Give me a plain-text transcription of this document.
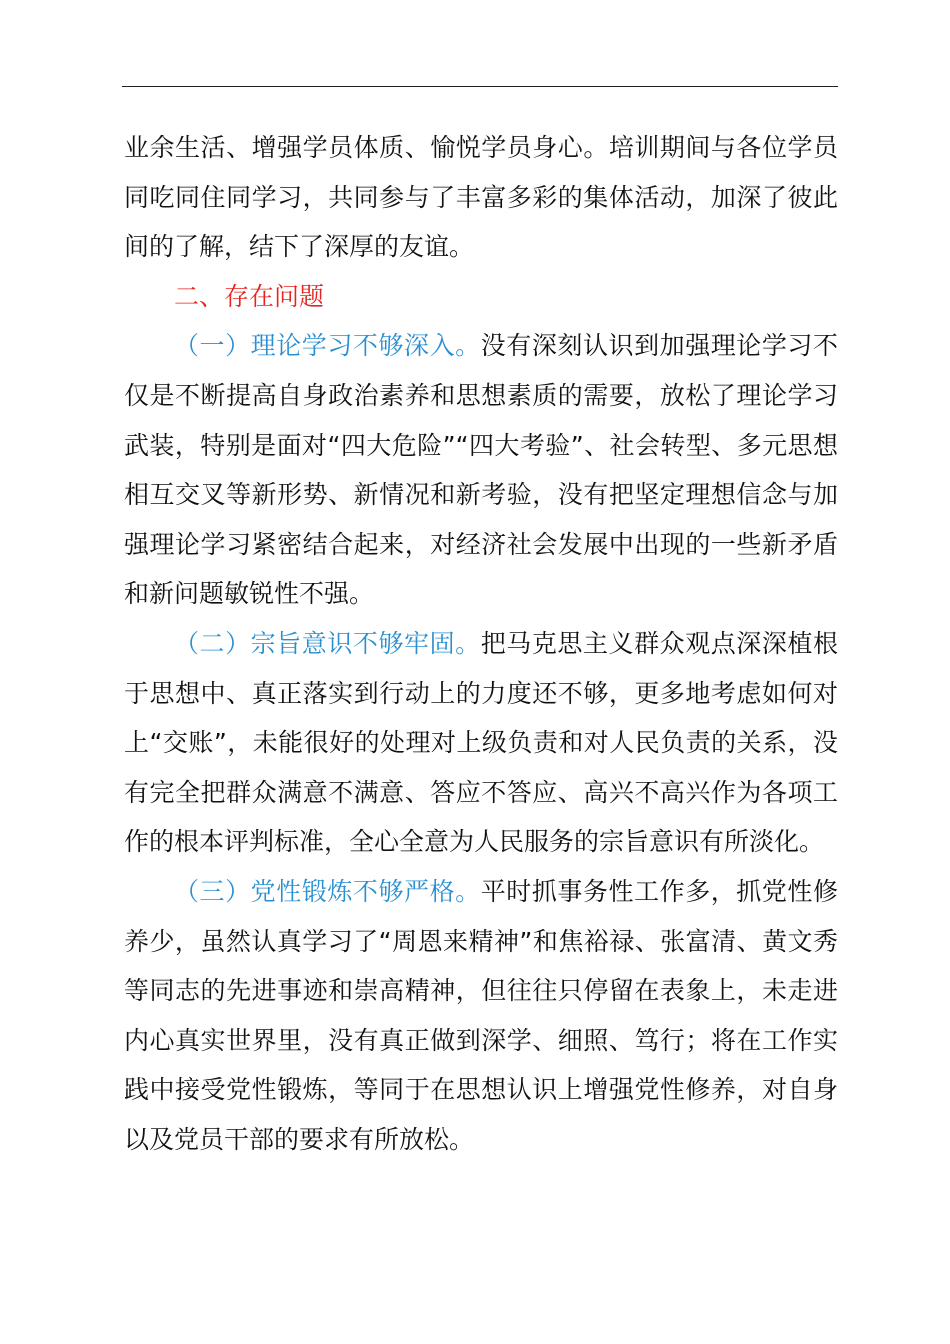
业余生活、增强学员体质、愉悦学员身心。培训期间与各位学员同吃同住同学习，共同参与了丰富多彩的集体活动，加深了彼此间的了解，结下了深厚的友谊。

二、存在问题

（一）理论学习不够深入。没有深刻认识到加强理论学习不仅是不断提高自身政治素养和思想素质的需要，放松了理论学习武装，特别是面对“四大危险”“四大考验”、社会转型、多元思想相互交叉等新形势、新情况和新考验，没有把坚定理想信念与加强理论学习紧密结合起来，对经济社会发展中出现的一些新矛盾和新问题敏锐性不强。

（二）宗旨意识不够牢固。把马克思主义群众观点深深植根于思想中、真正落实到行动上的力度还不够，更多地考虑如何对上“交账”，未能很好的处理对上级负责和对人民负责的关系，没有完全把群众满意不满意、答应不答应、高兴不高兴作为各项工作的根本评判标准，全心全意为人民服务的宗旨意识有所淡化。

（三）党性锻炼不够严格。平时抓事务性工作多，抓党性修养少，虽然认真学习了“周恩来精神”和焦裕禄、张富清、黄文秀等同志的先进事迹和崇高精神，但往往只停留在表象上，未走进内心真实世界里，没有真正做到深学、细照、笃行；将在工作实践中接受党性锻炼，等同于在思想认识上增强党性修养，对自身以及党员干部的要求有所放松。
